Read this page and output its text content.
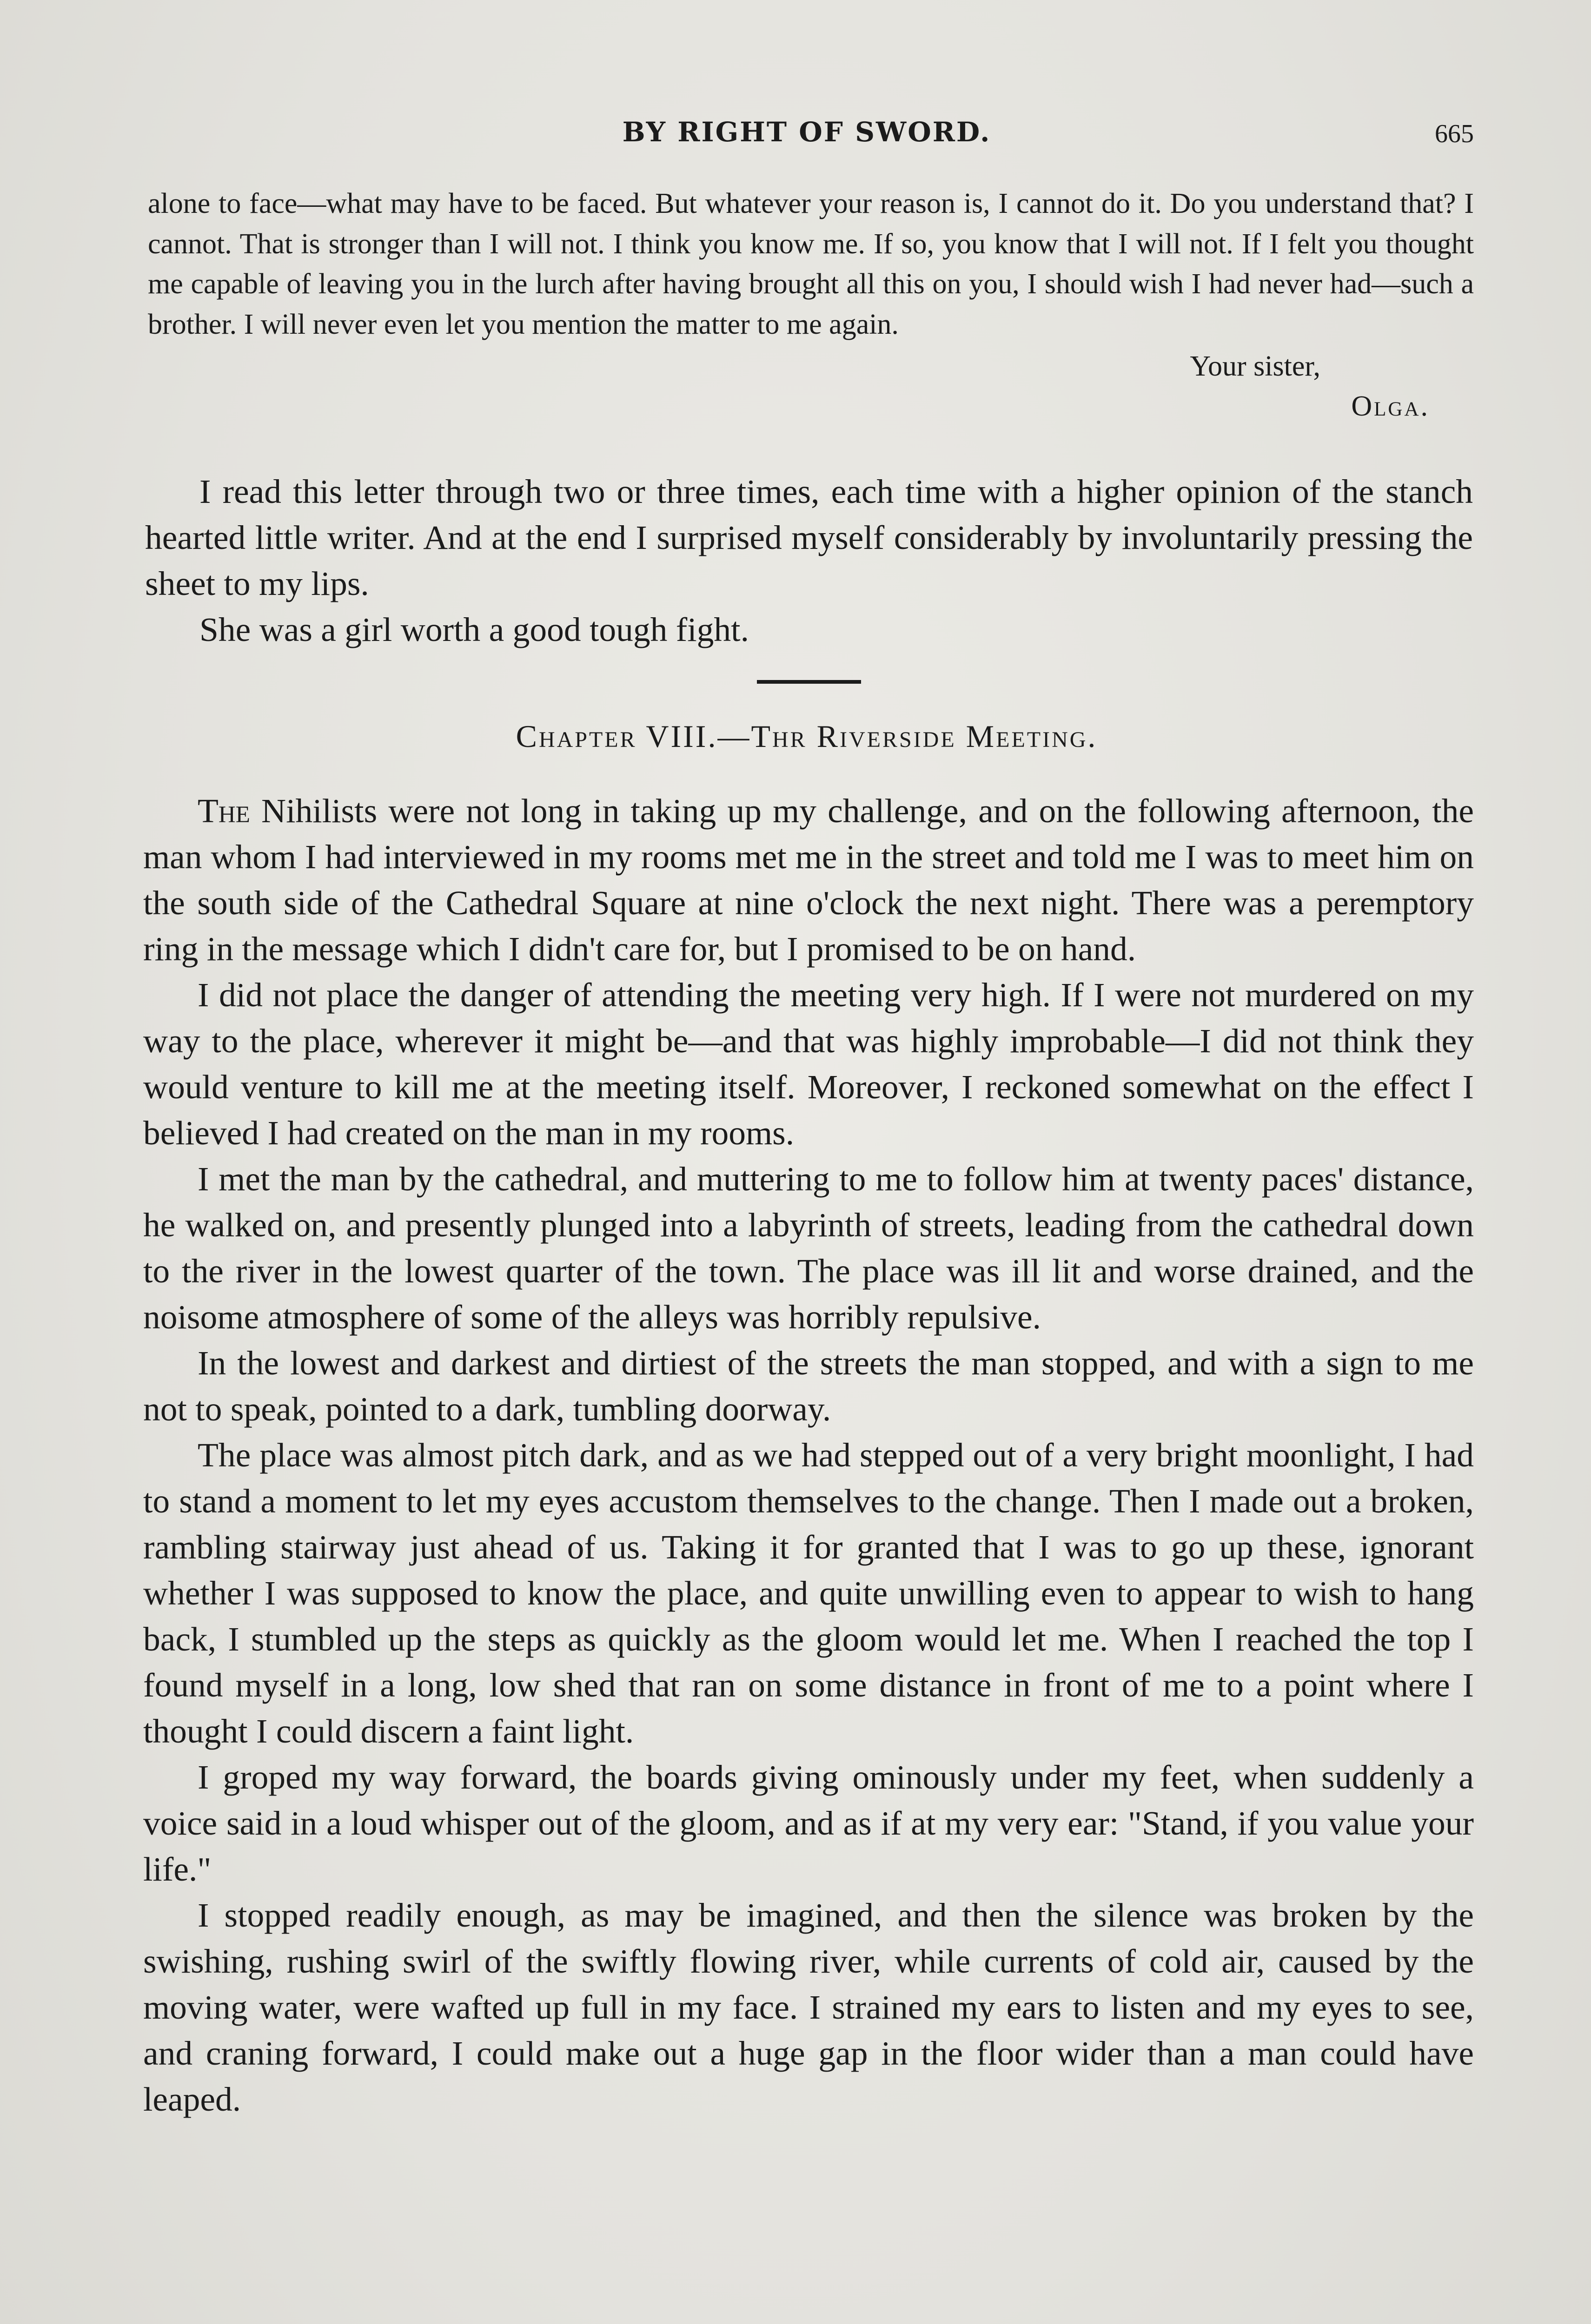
BY RIGHT OF SWORD.	665

alone to face—what may have to be faced. But whatever your reason is, I cannot do it. Do you understand that? I cannot. That is stronger than I will not. I think you know me. If so, you know that I will not. If I felt you thought me capable of leaving you in the lurch after having brought all this on you, I should wish I had never had—such a brother. I will never even let you mention the matter to me again.

Your sister,
Olga.

I read this letter through two or three times, each time with a higher opinion of the stanch hearted little writer. And at the end I surprised myself considerably by involuntarily pressing the sheet to my lips.

She was a girl worth a good tough fight.

Chapter VIII.—Thr Riverside Meeting.

The Nihilists were not long in taking up my challenge, and on the following afternoon, the man whom I had interviewed in my rooms met me in the street and told me I was to meet him on the south side of the Cathedral Square at nine o'clock the next night. There was a peremptory ring in the message which I didn't care for, but I promised to be on hand.

I did not place the danger of attending the meeting very high. If I were not murdered on my way to the place, wherever it might be—and that was highly improbable—I did not think they would venture to kill me at the meeting itself. Moreover, I reckoned somewhat on the effect I believed I had created on the man in my rooms.

I met the man by the cathedral, and muttering to me to follow him at twenty paces' distance, he walked on, and presently plunged into a labyrinth of streets, leading from the cathedral down to the river in the lowest quarter of the town. The place was ill lit and worse drained, and the noisome atmosphere of some of the alleys was horribly repulsive.

In the lowest and darkest and dirtiest of the streets the man stopped, and with a sign to me not to speak, pointed to a dark, tumbling doorway.

The place was almost pitch dark, and as we had stepped out of a very bright moonlight, I had to stand a moment to let my eyes accustom themselves to the change. Then I made out a broken, rambling stairway just ahead of us. Taking it for granted that I was to go up these, ignorant whether I was supposed to know the place, and quite unwilling even to appear to wish to hang back, I stumbled up the steps as quickly as the gloom would let me. When I reached the top I found myself in a long, low shed that ran on some distance in front of me to a point where I thought I could discern a faint light.

I groped my way forward, the boards giving ominously under my feet, when suddenly a voice said in a loud whisper out of the gloom, and as if at my very ear: "Stand, if you value your life."

I stopped readily enough, as may be imagined, and then the silence was broken by the swishing, rushing swirl of the swiftly flowing river, while currents of cold air, caused by the moving water, were wafted up full in my face. I strained my ears to listen and my eyes to see, and craning forward, I could make out a huge gap in the floor wider than a man could have leaped.
